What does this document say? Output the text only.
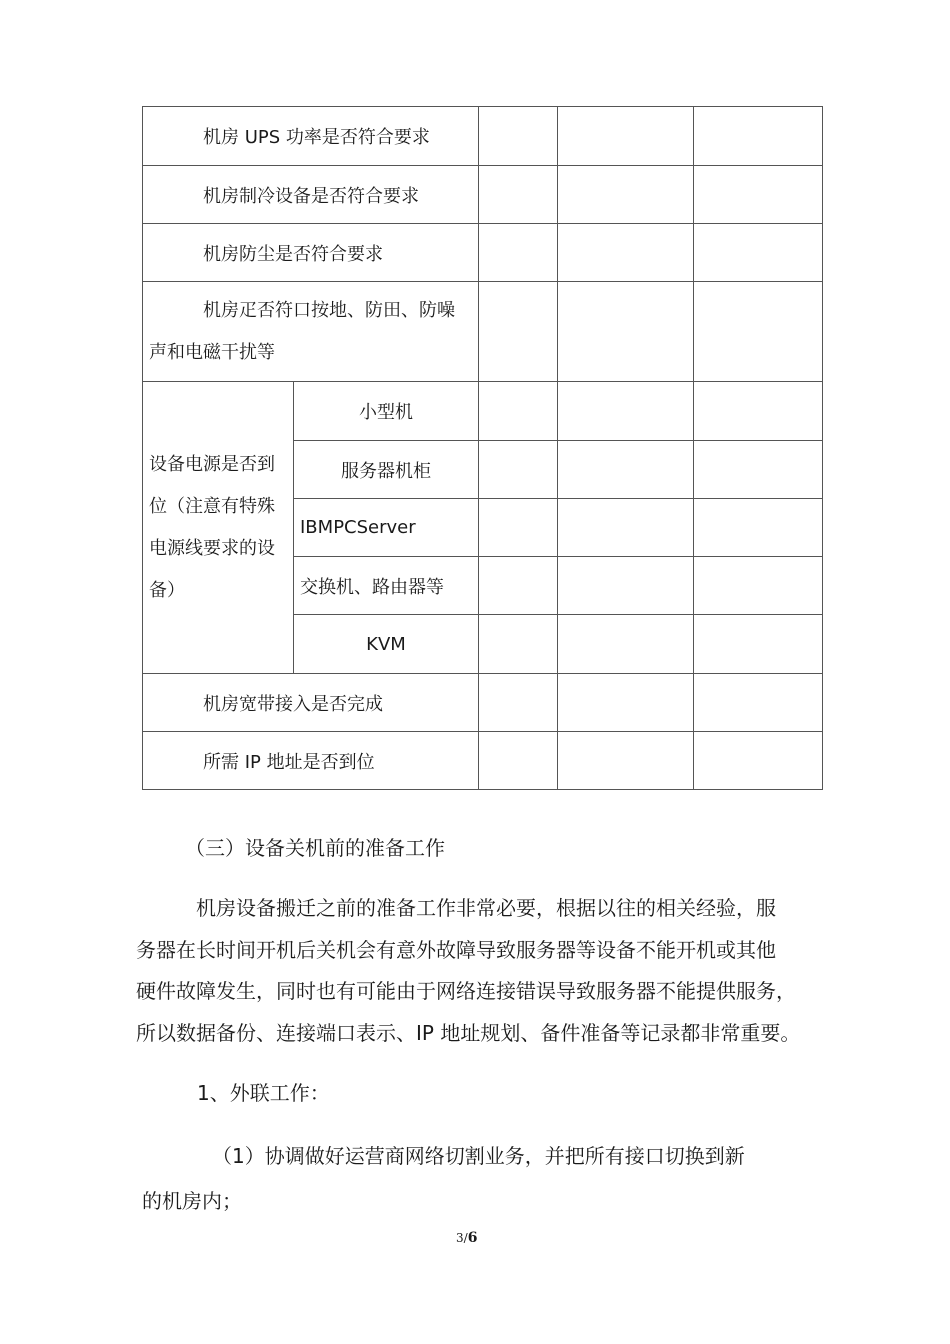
机房 UPS 功率是否符合要求				
机房制冷设备是否符合要求				
机房防尘是否符合要求				

机房疋否符口按地、防田、防噪
声和电磁干扰等				

设备电源是否到
位（注意有特殊
电源线要求的设
备）	小型机			
	服务器机柜			
	IBMPCServer			
	交换机、路由器等			
	KVM			
机房宽带接入是否完成				
所需 IP 地址是否到位				

（三）设备关机前的准备工作

机房设备搬迁之前的准备工作非常必要，根据以往的相关经验，服
务器在长时间开机后关机会有意外故障导致服务器等设备不能开机或其他
硬件故障发生，同时也有可能由于网络连接错误导致服务器不能提供服务，
所以数据备份、连接端口表示、IP 地址规划、备件准备等记录都非常重要。

1、外联工作：

（1）协调做好运营商网络切割业务，并把所有接口切换到新

的机房内；

3/6
